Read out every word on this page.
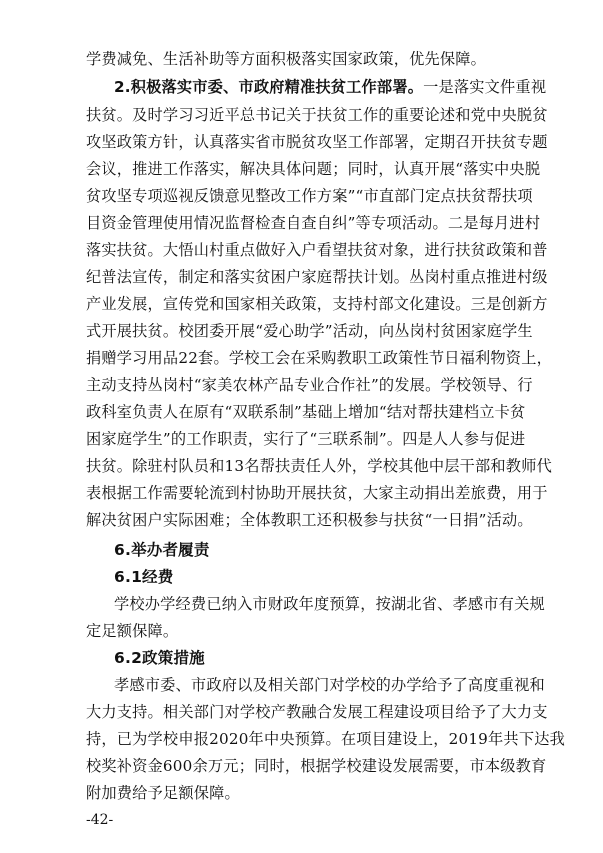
学费减免、生活补助等方面积极落实国家政策，优先保障。
2.积极落实市委、市政府精准扶贫工作部署。一是落实文件重视
扶贫。及时学习习近平总书记关于扶贫工作的重要论述和党中央脱贫
攻坚政策方针，认真落实省市脱贫攻坚工作部署，定期召开扶贫专题
会议，推进工作落实，解决具体问题；同时，认真开展“落实中央脱
贫攻坚专项巡视反馈意见整改工作方案”“市直部门定点扶贫帮扶项
目资金管理使用情况监督检查自查自纠”等专项活动。二是每月进村
落实扶贫。大悟山村重点做好入户看望扶贫对象，进行扶贫政策和普
纪普法宣传，制定和落实贫困户家庭帮扶计划。丛岗村重点推进村级
产业发展，宣传党和国家相关政策，支持村部文化建设。三是创新方
式开展扶贫。校团委开展“爱心助学”活动，向丛岗村贫困家庭学生
捐赠学习用品22套。学校工会在采购教职工政策性节日福利物资上，
主动支持丛岗村“家美农林产品专业合作社”的发展。学校领导、行
政科室负责人在原有“双联系制”基础上增加“结对帮扶建档立卡贫
困家庭学生”的工作职责，实行了“三联系制”。四是人人参与促进
扶贫。除驻村队员和13名帮扶责任人外，学校其他中层干部和教师代
表根据工作需要轮流到村协助开展扶贫，大家主动捐出差旅费，用于
解决贫困户实际困难；全体教职工还积极参与扶贫“一日捐”活动。
6.举办者履责
6.1经费
学校办学经费已纳入市财政年度预算，按湖北省、孝感市有关规
定足额保障。
6.2政策措施
孝感市委、市政府以及相关部门对学校的办学给予了高度重视和
大力支持。相关部门对学校产教融合发展工程建设项目给予了大力支
持，已为学校申报2020年中央预算。在项目建设上，2019年共下达我
校奖补资金600余万元；同时，根据学校建设发展需要，市本级教育
附加费给予足额保障。
-42-
